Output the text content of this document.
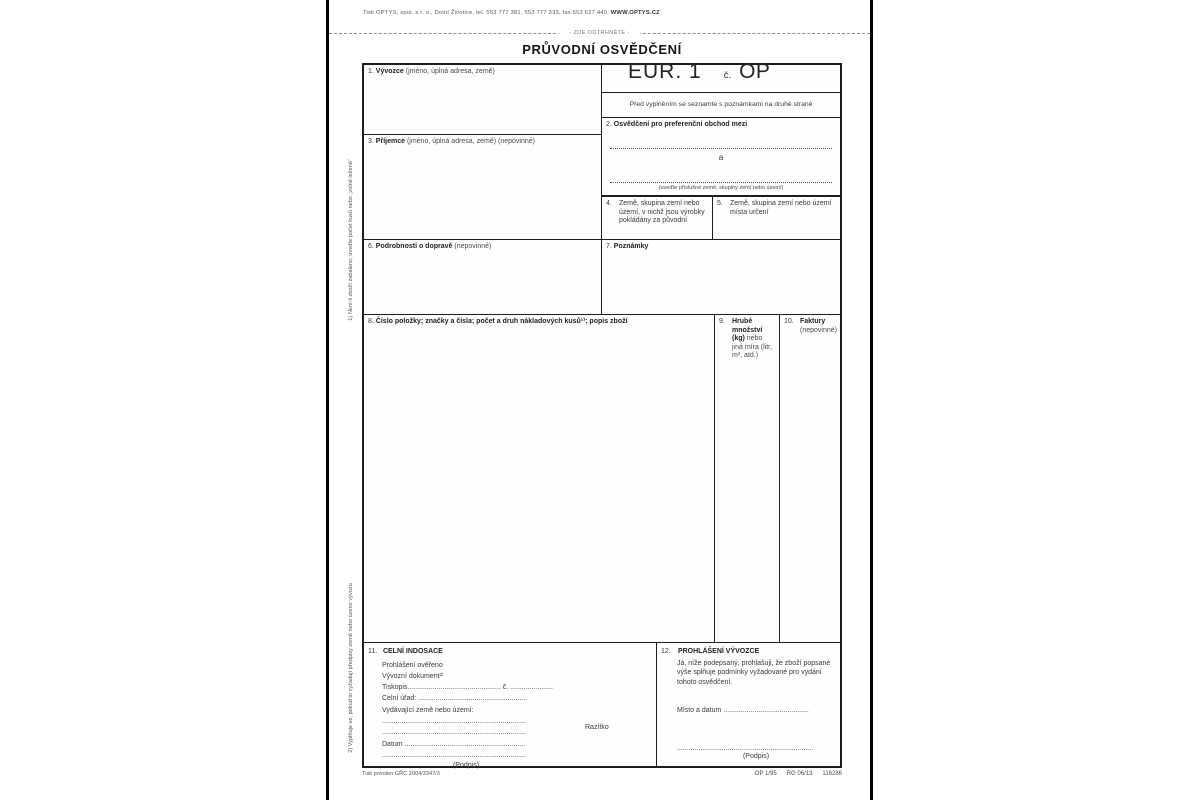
Tisk OPTYS, spol. s r. o., Dolní Životice, tel. 553 777 381, 553 777 333, fax 553 627 440, WWW.OPTYS.CZ
- ZDE ODTRHNĚTE -
PRŮVODNÍ OSVĚDČENÍ
1) Není-li zboží zabaleno, uveďte počet kusů nebo „volně ložené“
2) Vyplňuje se, pokud to vyžadují předpisy země nebo území vývozu
1. Vývozce (jméno, úplná adresa, země)	EUR. 1 č. OP
Před vyplněním se seznamte s poznámkami na druhé straně
2. Osvědčení pro preferenční obchod mezi
a
(uveďte příslušné země, skupiny zemí nebo území)
3. Příjemce (jméno, úplná adresa, země) (nepovinné)
4. Země, skupina zemí nebo území, v nichž jsou výrobky pokládány za původní
5. Země, skupina zemí nebo území místa určení
6. Podrobnosti o dopravě (nepovinné)	7. Poznámky
8. Číslo položky; značky a čísla; počet a druh nákladových kusů¹⁾; popis zboží	9. Hrubé množství (kg) nebo jiná míra (litr, m³, atd.)
10. Faktury
(nepovinné)
11. CELNÍ INDOSACE
Prohlášení ověřeno
Vývozní dokument²⁾
Tiskopis................................................ č. ......................
Celní úřad: ........................................................
Vydávající země nebo území:
..........................................................................
..........................................................................
Datum ..............................................................
..........................................................................
(Podpis)
Razítko
12. PROHLÁŠENÍ VÝVOZCE
Já, níže podepsaný, prohlašuji, že zboží popsané výše splňuje podmínky vyžadované pro vydání tohoto osvědčení.
Místo a datum ............................................
......................................................................
(Podpis)
Tisk povolen GŘC 2004/3347/3	OP 1/95 RG 06/13 116286
